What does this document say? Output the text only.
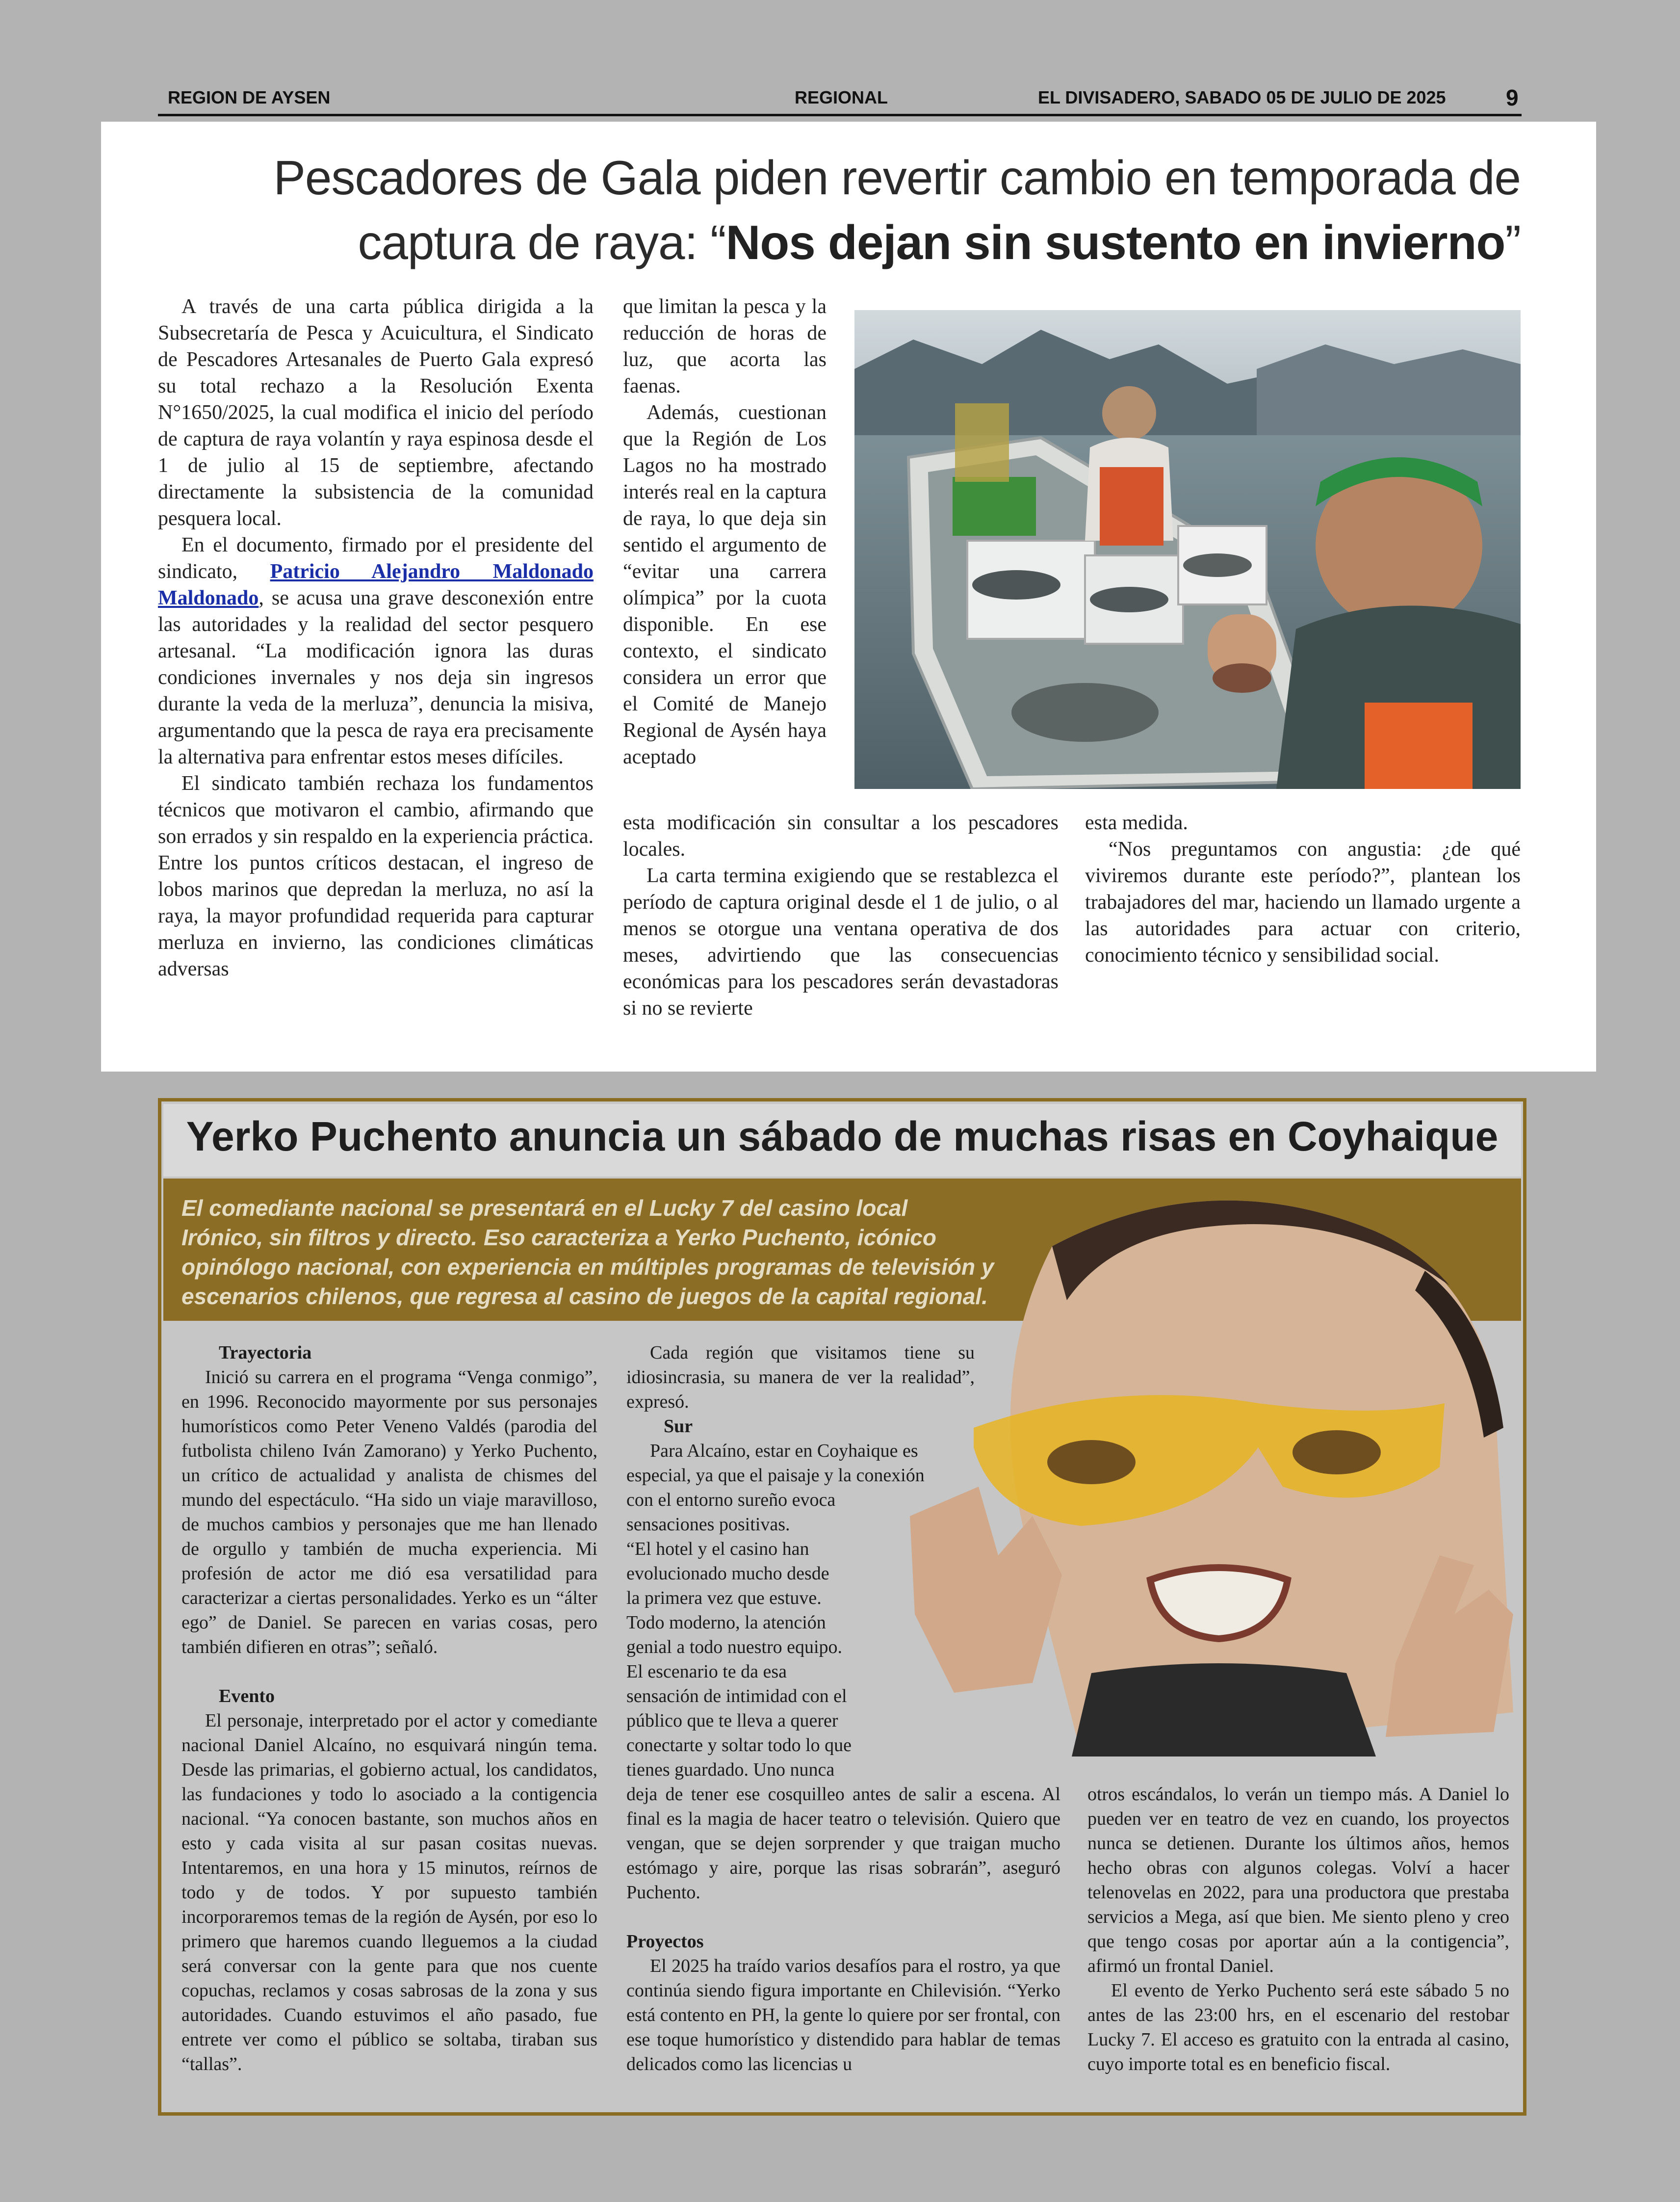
REGION DE AYSEN	REGIONAL	EL DIVISADERO, SABADO 05 DE JULIO DE 2025	9
Pescadores de Gala piden revertir cambio en temporada de
captura de raya: “Nos dejan sin sustento en invierno”

A través de una carta pública dirigida a la Subsecretaría de Pesca y Acuicultura, el Sindicato de Pescadores Artesanales de Puerto Gala expresó su total rechazo a la Resolución Exenta N°1650/2025, la cual modifica el inicio del período de captura de raya volantín y raya espinosa desde el 1 de julio al 15 de septiembre, afectando directamente la subsistencia de la comunidad pesquera local.

En el documento, firmado por el presidente del sindicato, Patricio Alejandro Maldonado Maldonado, se acusa una grave desconexión entre las autoridades y la realidad del sector pesquero artesanal. “La modificación ignora las duras condiciones invernales y nos deja sin ingresos durante la veda de la merluza”, denuncia la misiva, argumentando que la pesca de raya era precisamente la alternativa para enfrentar estos meses difíciles.

El sindicato también rechaza los fundamentos técnicos que motivaron el cambio, afirmando que son errados y sin respaldo en la experiencia práctica. Entre los puntos críticos destacan, el ingreso de lobos marinos que depredan la merluza, no así la raya, la mayor profundidad requerida para capturar merluza en invierno, las condiciones climáticas adversas

que limitan la pesca y la reducción de horas de luz, que acorta las faenas.

Además, cuestionan que la Región de Los Lagos no ha mostrado interés real en la captura de raya, lo que deja sin sentido el argumento de “evitar una carrera olímpica” por la cuota disponible. En ese contexto, el sindicato considera un error que el Comité de Manejo Regional de Aysén haya aceptado

esta modificación sin consultar a los pescadores locales.

La carta termina exigiendo que se restablezca el período de captura original desde el 1 de julio, o al menos se otorgue una ventana operativa de dos meses, advirtiendo que las consecuencias económicas para los pescadores serán devastadoras si no se revierte

esta medida.

“Nos preguntamos con angustia: ¿de qué viviremos durante este período?”, plantean los trabajadores del mar, haciendo un llamado urgente a las autoridades para actuar con criterio, conocimiento técnico y sensibilidad social.

Yerko Puchento anuncia un sábado de muchas risas en Coyhaique
El comediante nacional se presentará en el Lucky 7 del casino local
Irónico, sin filtros y directo. Eso caracteriza a Yerko Puchento, icónico
opinólogo nacional, con experiencia en múltiples programas de televisión y
escenarios chilenos, que regresa al casino de juegos de la capital regional.

Trayectoria

Inició su carrera en el programa “Venga conmigo”, en 1996. Reconocido mayormente por sus personajes humorísticos como Peter Veneno Valdés (parodia del futbolista chileno Iván Zamorano) y Yerko Puchento, un crítico de actualidad y analista de chismes del mundo del espectáculo. “Ha sido un viaje maravilloso, de muchos cambios y personajes que me han llenado de orgullo y también de mucha experiencia. Mi profesión de actor me dió esa versatilidad para caracterizar a ciertas personalidades. Yerko es un “álter ego” de Daniel. Se parecen en varias cosas, pero también difieren en otras”; señaló.

Evento

El personaje, interpretado por el actor y comediante nacional Daniel Alcaíno, no esquivará ningún tema. Desde las primarias, el gobierno actual, los candidatos, las fundaciones y todo lo asociado a la contigencia nacional. “Ya conocen bastante, son muchos años en esto y cada visita al sur pasan cositas nuevas. Intentaremos, en una hora y 15 minutos, reírnos de todo y de todos. Y por supuesto también incorporaremos temas de la región de Aysén, por eso lo primero que haremos cuando lleguemos a la ciudad será conversar con la gente para que nos cuente copuchas, reclamos y cosas sabrosas de la zona y sus autoridades. Cuando estuvimos el año pasado, fue entrete ver como el público se soltaba, tiraban sus “tallas”.

Cada región que visitamos tiene su idiosincrasia, su manera de ver la realidad”, expresó.

Sur

Para Alcaíno, estar en Coyhaique es
especial, ya que el paisaje y la conexión
con el entorno sureño evoca
sensaciones positivas.
“El hotel y el casino han
evolucionado mucho desde
la primera vez que estuve.
Todo moderno, la atención
genial a todo nuestro equipo.
El escenario te da esa
sensación de intimidad con el
público que te lleva a querer
conectarte y soltar todo lo que
tienes guardado. Uno nunca

deja de tener ese cosquilleo antes de salir a escena. Al final es la magia de hacer teatro o televisión. Quiero que vengan, que se dejen sorprender y que traigan mucho estómago y aire, porque las risas sobrarán”, aseguró Puchento.

Proyectos

El 2025 ha traído varios desafíos para el rostro, ya que continúa siendo figura importante en Chilevisión. “Yerko está contento en PH, la gente lo quiere por ser frontal, con ese toque humorístico y distendido para hablar de temas delicados como las licencias u

otros escándalos, lo verán un tiempo más. A Daniel lo pueden ver en teatro de vez en cuando, los proyectos nunca se detienen. Durante los últimos años, hemos hecho obras con algunos colegas. Volví a hacer telenovelas en 2022, para una productora que prestaba servicios a Mega, así que bien. Me siento pleno y creo que tengo cosas por aportar aún a la contigencia”, afirmó un frontal Daniel.

El evento de Yerko Puchento será este sábado 5 no antes de las 23:00 hrs, en el escenario del restobar Lucky 7. El acceso es gratuito con la entrada al casino, cuyo importe total es en beneficio fiscal.
